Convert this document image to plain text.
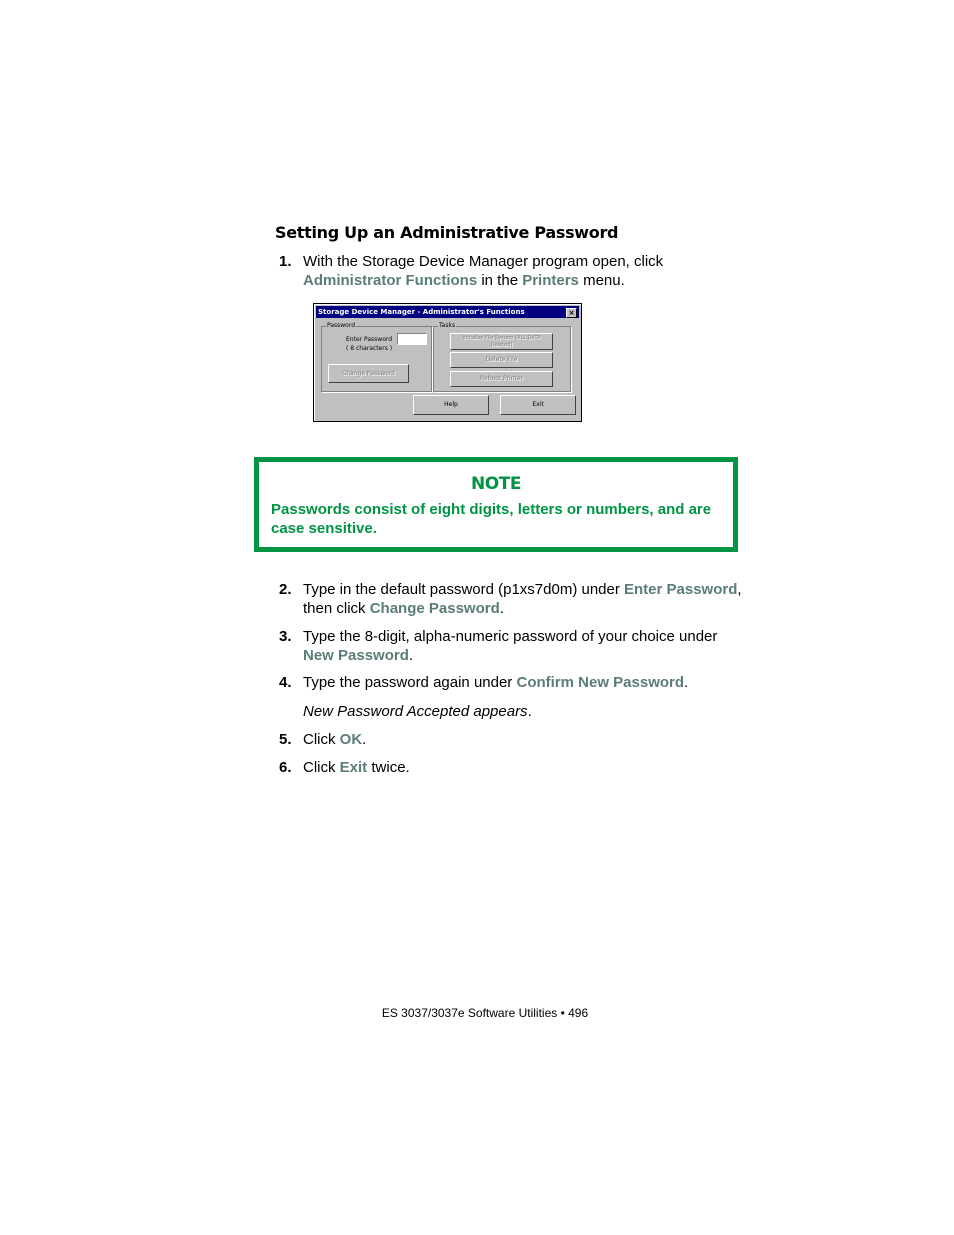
Setting Up an Administrative Password
1. With the Storage Device Manager program open, click
Administrator Functions in the Printers menu.
Storage Device Manager - Administrator's Functions	×
Password
Enter Password
( 8 characters )
Change Password
Tasks
Initialize File System (ALL DATA Deleted)
Delete File
Reboot Printer
Help	Exit
NOTE
Passwords consist of eight digits, letters or numbers, and are case sensitive.
2. Type in the default password (p1xs7d0m) under Enter Password, then click Change Password.
3. Type the 8-digit, alpha-numeric password of your choice under New Password.
4. Type the password again under Confirm New Password.
New Password Accepted appears.
5. Click OK.
6. Click Exit twice.
ES 3037/3037e Software Utilities • 496
